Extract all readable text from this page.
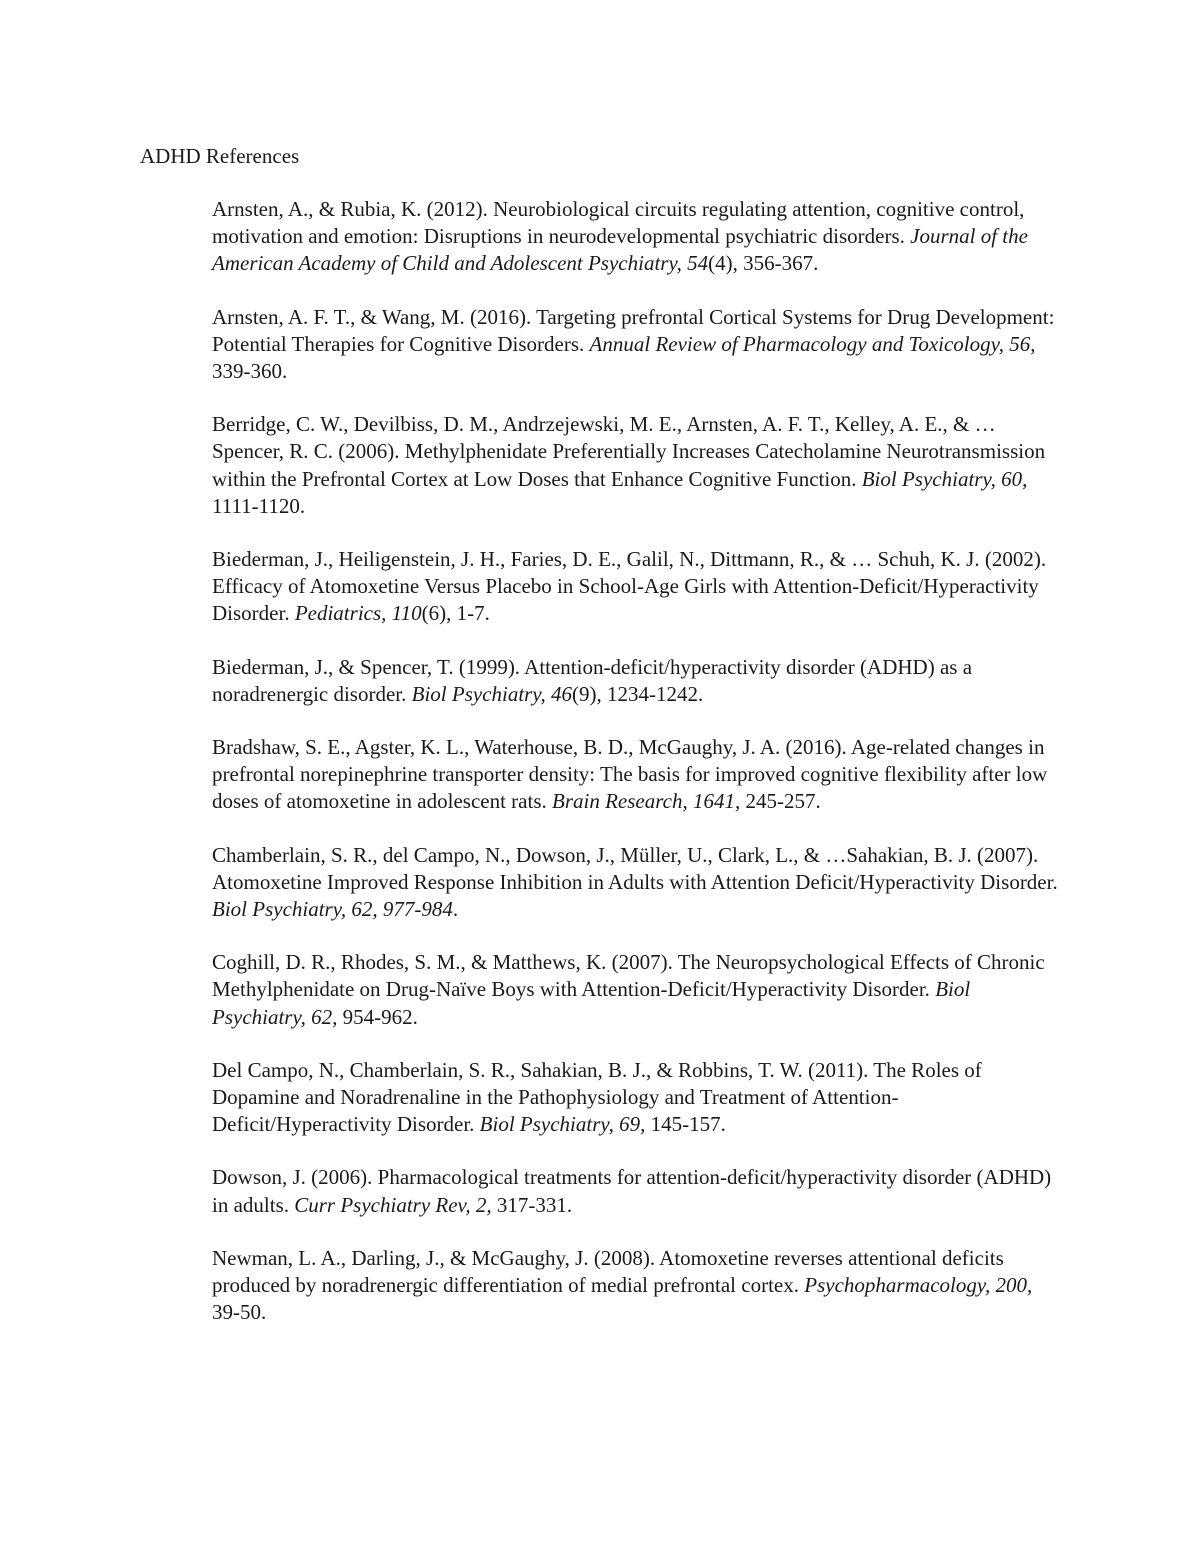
ADHD References
Arnsten, A., & Rubia, K. (2012). Neurobiological circuits regulating attention, cognitive control, motivation and emotion: Disruptions in neurodevelopmental psychiatric disorders. Journal of the American Academy of Child and Adolescent Psychiatry, 54(4), 356-367.
Arnsten, A. F. T., & Wang, M. (2016). Targeting prefrontal Cortical Systems for Drug Development: Potential Therapies for Cognitive Disorders. Annual Review of Pharmacology and Toxicology, 56, 339-360.
Berridge, C. W., Devilbiss, D. M., Andrzejewski, M. E., Arnsten, A. F. T., Kelley, A. E., & … Spencer, R. C. (2006). Methylphenidate Preferentially Increases Catecholamine Neurotransmission within the Prefrontal Cortex at Low Doses that Enhance Cognitive Function. Biol Psychiatry, 60, 1111-1120.
Biederman, J., Heiligenstein, J. H., Faries, D. E., Galil, N., Dittmann, R., & … Schuh, K. J. (2002). Efficacy of Atomoxetine Versus Placebo in School-Age Girls with Attention-Deficit/Hyperactivity Disorder. Pediatrics, 110(6), 1-7.
Biederman, J., & Spencer, T. (1999). Attention-deficit/hyperactivity disorder (ADHD) as a noradrenergic disorder. Biol Psychiatry, 46(9), 1234-1242.
Bradshaw, S. E., Agster, K. L., Waterhouse, B. D., McGaughy, J. A. (2016). Age-related changes in prefrontal norepinephrine transporter density: The basis for improved cognitive flexibility after low doses of atomoxetine in adolescent rats. Brain Research, 1641, 245-257.
Chamberlain, S. R., del Campo, N., Dowson, J., Müller, U., Clark, L., & …Sahakian, B. J. (2007). Atomoxetine Improved Response Inhibition in Adults with Attention Deficit/Hyperactivity Disorder. Biol Psychiatry, 62, 977-984.
Coghill, D. R., Rhodes, S. M., & Matthews, K. (2007). The Neuropsychological Effects of Chronic Methylphenidate on Drug-Naïve Boys with Attention-Deficit/Hyperactivity Disorder. Biol Psychiatry, 62, 954-962.
Del Campo, N., Chamberlain, S. R., Sahakian, B. J., & Robbins, T. W. (2011). The Roles of Dopamine and Noradrenaline in the Pathophysiology and Treatment of Attention-Deficit/Hyperactivity Disorder. Biol Psychiatry, 69, 145-157.
Dowson, J. (2006). Pharmacological treatments for attention-deficit/hyperactivity disorder (ADHD) in adults. Curr Psychiatry Rev, 2, 317-331.
Newman, L. A., Darling, J., & McGaughy, J. (2008). Atomoxetine reverses attentional deficits produced by noradrenergic differentiation of medial prefrontal cortex. Psychopharmacology, 200, 39-50.
